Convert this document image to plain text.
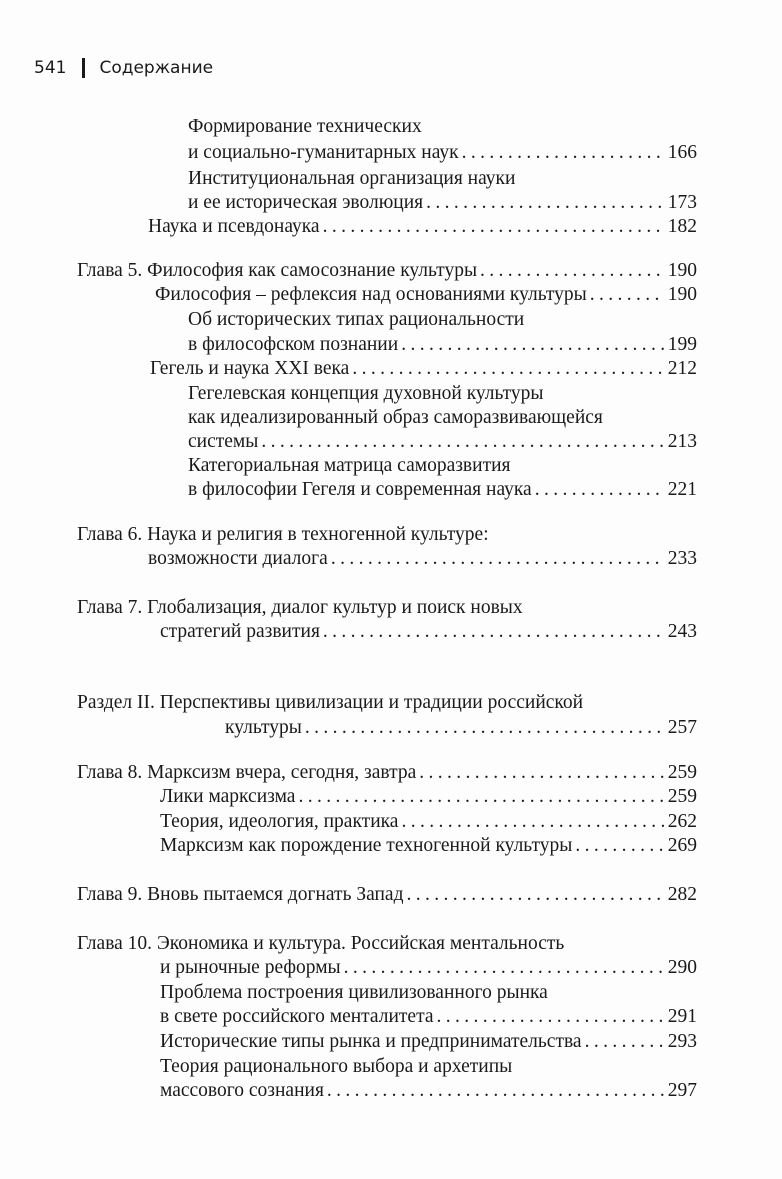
541 Содержание
Формирование технических
и социально-гуманитарных наук . . .	166
Институциональная организация науки
и ее историческая эволюция . . .	173
Наука и псевдонаука . . .	182
Глава 5. Философия как самосознание культуры . . .	190
Философия – рефлексия над основаниями культуры . . .	190
Об исторических типах рациональности
в философском познании . . .	199
Гегель и наука XXI века . . .	212
Гегелевская концепция духовной культуры
как идеализированный образ саморазвивающейся
системы . . .	213
Категориальная матрица саморазвития
в философии Гегеля и современная наука . . .	221
Глава 6. Наука и религия в техногенной культуре:
возможности диалога . . .	233
Глава 7. Глобализация, диалог культур и поиск новых
стратегий развития . . .	243
Раздел II. Перспективы цивилизации и традиции российской
культуры . . .	257
Глава 8. Марксизм вчера, сегодня, завтра . . .	259
Лики марксизма . . .	259
Теория, идеология, практика . . .	262
Марксизм как порождение техногенной культуры . . .	269
Глава 9. Вновь пытаемся догнать Запад . . .	282
Глава 10. Экономика и культура. Российская ментальность
и рыночные реформы . . .	290
Проблема построения цивилизованного рынка
в свете российского менталитета . . .	291
Исторические типы рынка и предпринимательства . . .	293
Теория рационального выбора и архетипы
массового сознания . . .	297
